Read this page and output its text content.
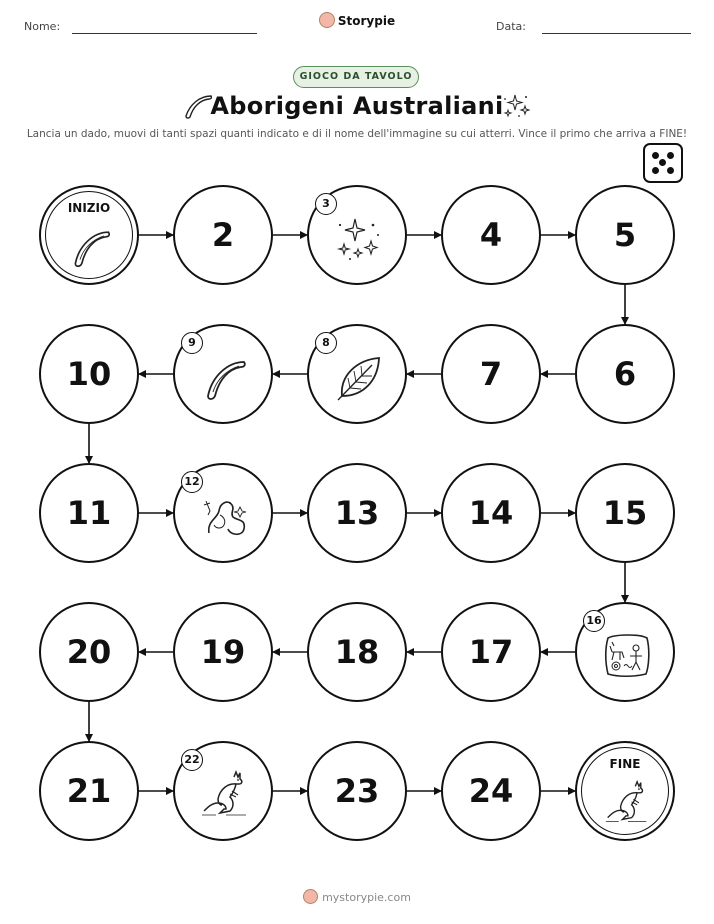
Nome:	Storypie	Data:
GIOCO DA TAVOLO
Aborigeni Australiani
Lancia un dado, muovi di tanti spazi quanti indicato e di il nome dell'immagine su cui atterri. Vince il primo che arriva a FINE!
INIZIO
2
3
4	5
6
7
8
9
10
11
12
13	14	15
16
17
18
19
20
21
22
23	24
FINE
mystorypie.com
